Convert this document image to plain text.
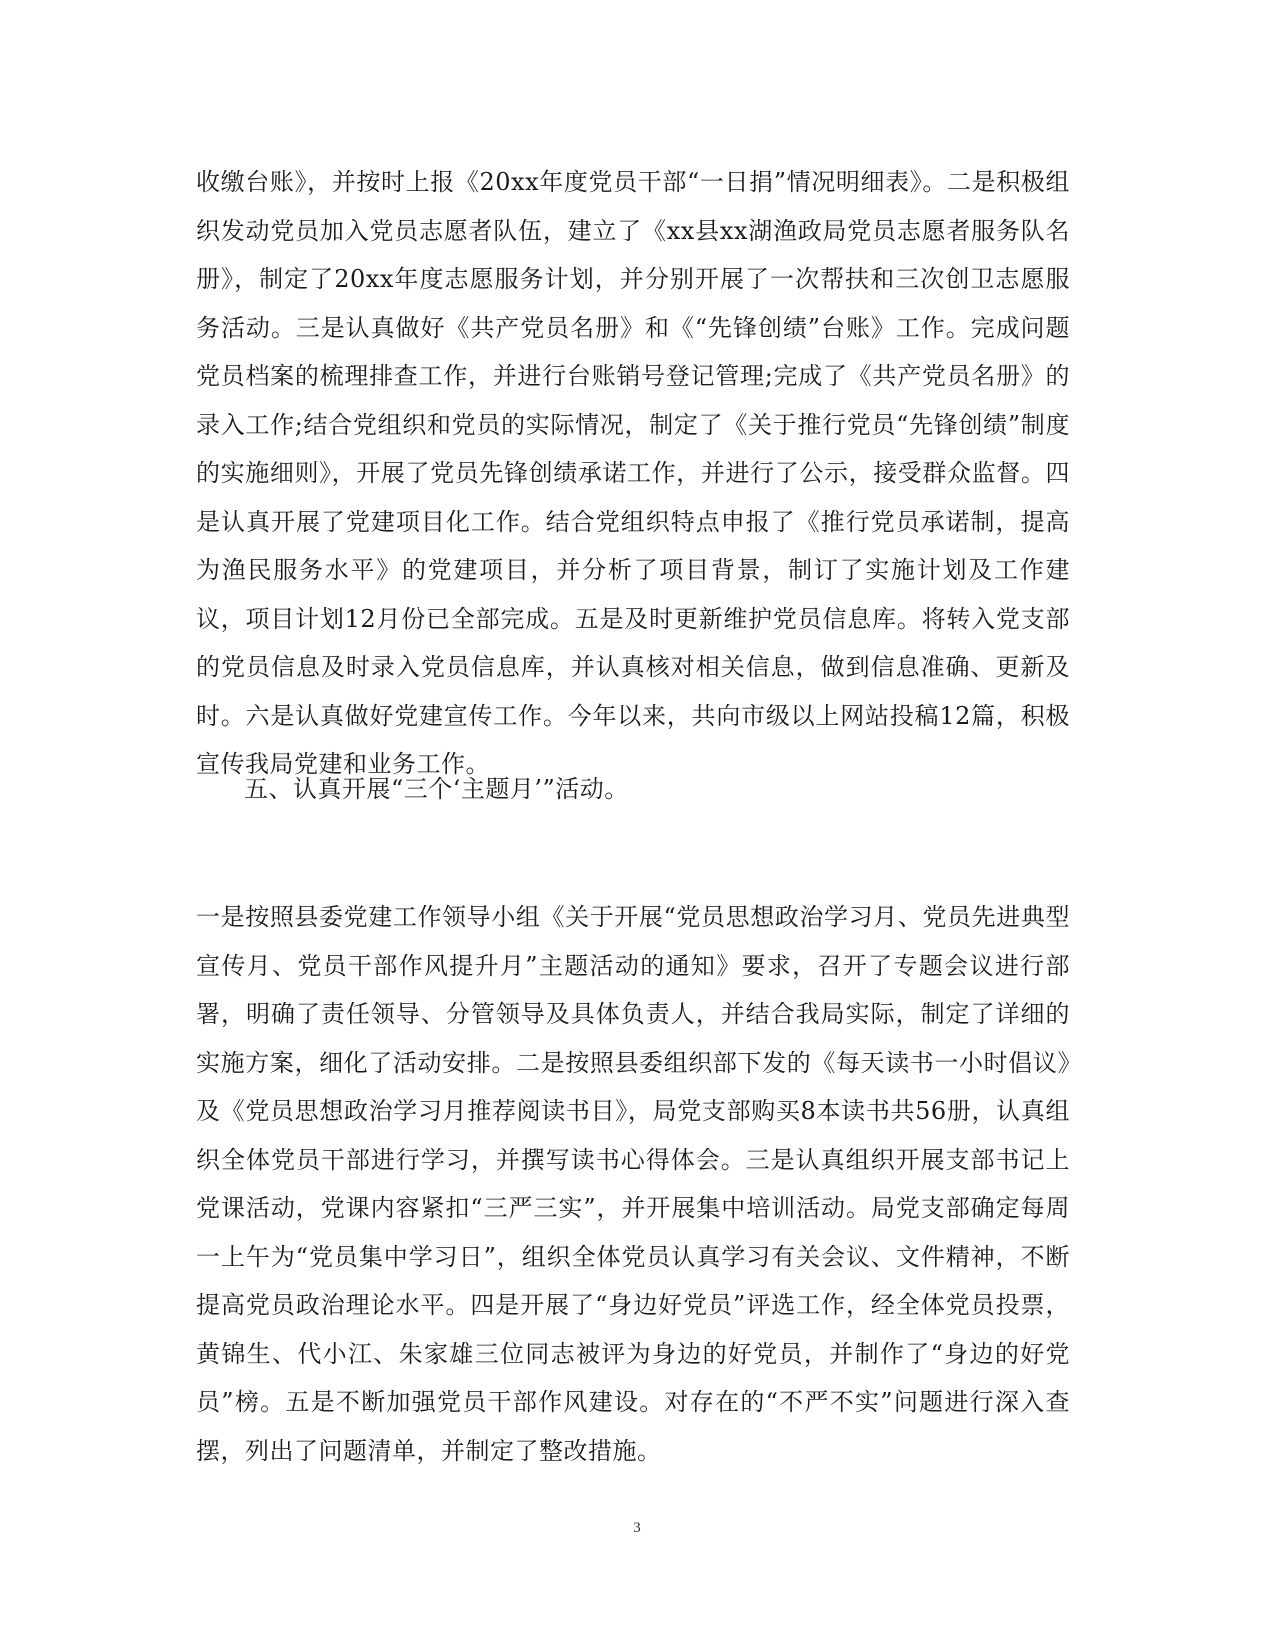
收缴台账》，并按时上报《20xx年度党员干部“一日捐”情况明细表》。二是积极组织发动党员加入党员志愿者队伍，建立了《xx县xx湖渔政局党员志愿者服务队名册》，制定了20xx年度志愿服务计划，并分别开展了一次帮扶和三次创卫志愿服务活动。三是认真做好《共产党员名册》和《“先锋创绩”台账》工作。完成问题党员档案的梳理排查工作，并进行台账销号登记管理;完成了《共产党员名册》的录入工作;结合党组织和党员的实际情况，制定了《关于推行党员“先锋创绩”制度的实施细则》，开展了党员先锋创绩承诺工作，并进行了公示，接受群众监督。四是认真开展了党建项目化工作。结合党组织特点申报了《推行党员承诺制，提高为渔民服务水平》的党建项目，并分析了项目背景，制订了实施计划及工作建议，项目计划12月份已全部完成。五是及时更新维护党员信息库。将转入党支部的党员信息及时录入党员信息库，并认真核对相关信息，做到信息准确、更新及时。六是认真做好党建宣传工作。今年以来，共向市级以上网站投稿12篇，积极宣传我局党建和业务工作。

五、认真开展“三个‘主题月’”活动。

一是按照县委党建工作领导小组《关于开展“党员思想政治学习月、党员先进典型宣传月、党员干部作风提升月”主题活动的通知》要求，召开了专题会议进行部署，明确了责任领导、分管领导及具体负责人，并结合我局实际，制定了详细的实施方案，细化了活动安排。二是按照县委组织部下发的《每天读书一小时倡议》及《党员思想政治学习月推荐阅读书目》，局党支部购买8本读书共56册，认真组织全体党员干部进行学习，并撰写读书心得体会。三是认真组织开展支部书记上党课活动，党课内容紧扣“三严三实”，并开展集中培训活动。局党支部确定每周一上午为“党员集中学习日”，组织全体党员认真学习有关会议、文件精神，不断提高党员政治理论水平。四是开展了“身边好党员”评选工作，经全体党员投票，黄锦生、代小江、朱家雄三位同志被评为身边的好党员，并制作了“身边的好党员”榜。五是不断加强党员干部作风建设。对存在的“不严不实”问题进行深入查摆，列出了问题清单，并制定了整改措施。

3
